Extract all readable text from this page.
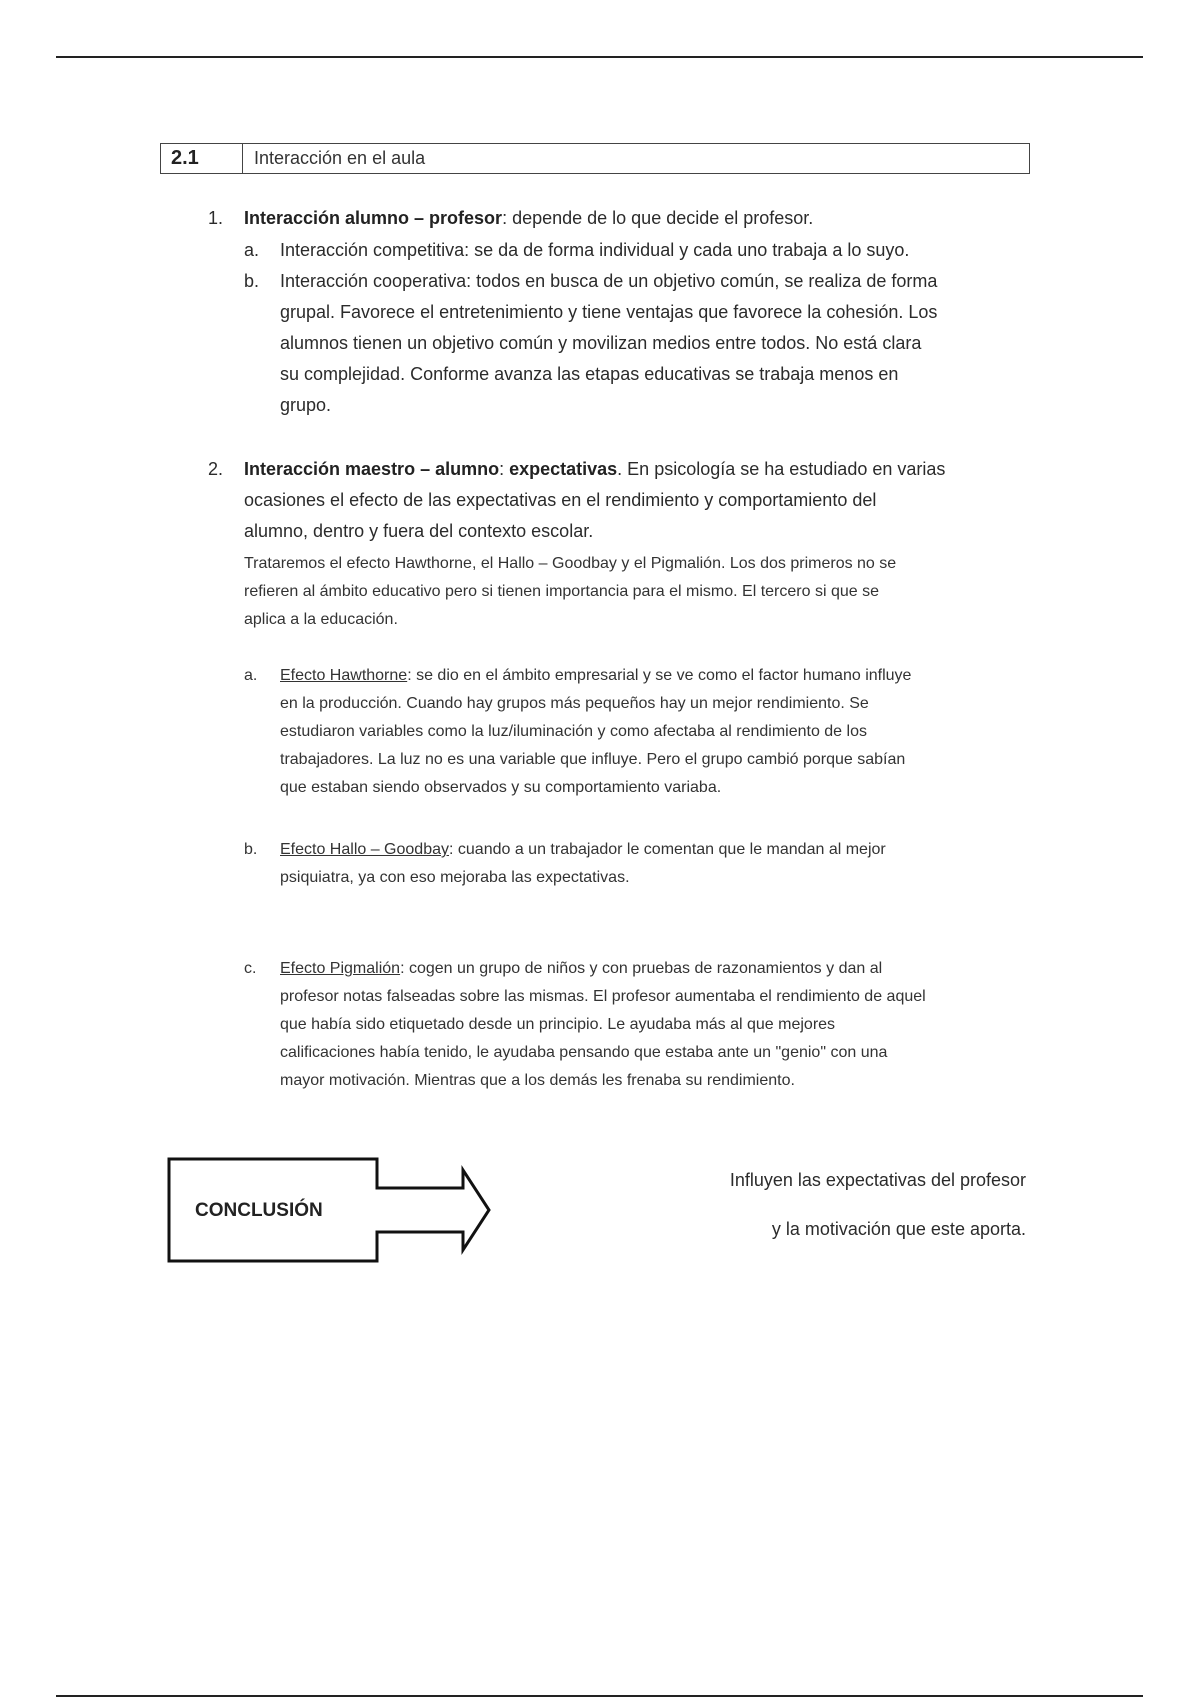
2.1	Interacción en el aula
1. Interacción alumno – profesor: depende de lo que decide el profesor.
a. Interacción competitiva: se da de forma individual y cada uno trabaja a lo suyo.
b. Interacción cooperativa: todos en busca de un objetivo común, se realiza de forma
grupal. Favorece el entretenimiento y tiene ventajas que favorece la cohesión. Los
alumnos tienen un objetivo común y movilizan medios entre todos. No está clara
su complejidad. Conforme avanza las etapas educativas se trabaja menos en
grupo.
2. Interacción maestro – alumno: expectativas. En psicología se ha estudiado en varias
ocasiones el efecto de las expectativas en el rendimiento y comportamiento del
alumno, dentro y fuera del contexto escolar.
Trataremos el efecto Hawthorne, el Hallo – Goodbay y el Pigmalión. Los dos primeros no se
refieren al ámbito educativo pero si tienen importancia para el mismo. El tercero si que se
aplica a la educación.
a. Efecto Hawthorne: se dio en el ámbito empresarial y se ve como el factor humano influye
en la producción. Cuando hay grupos más pequeños hay un mejor rendimiento. Se
estudiaron variables como la luz/iluminación y como afectaba al rendimiento de los
trabajadores. La luz no es una variable que influye. Pero el grupo cambió porque sabían
que estaban siendo observados y su comportamiento variaba.
b. Efecto Hallo – Goodbay: cuando a un trabajador le comentan que le mandan al mejor
psiquiatra, ya con eso mejoraba las expectativas.
c. Efecto Pigmalión: cogen un grupo de niños y con pruebas de razonamientos y dan al
profesor notas falseadas sobre las mismas. El profesor aumentaba el rendimiento de aquel
que había sido etiquetado desde un principio. Le ayudaba más al que mejores
calificaciones había tenido, le ayudaba pensando que estaba ante un "genio" con una
mayor motivación. Mientras que a los demás les frenaba su rendimiento.
CONCLUSIÓN
Influyen las expectativas del profesor
y la motivación que este aporta.
